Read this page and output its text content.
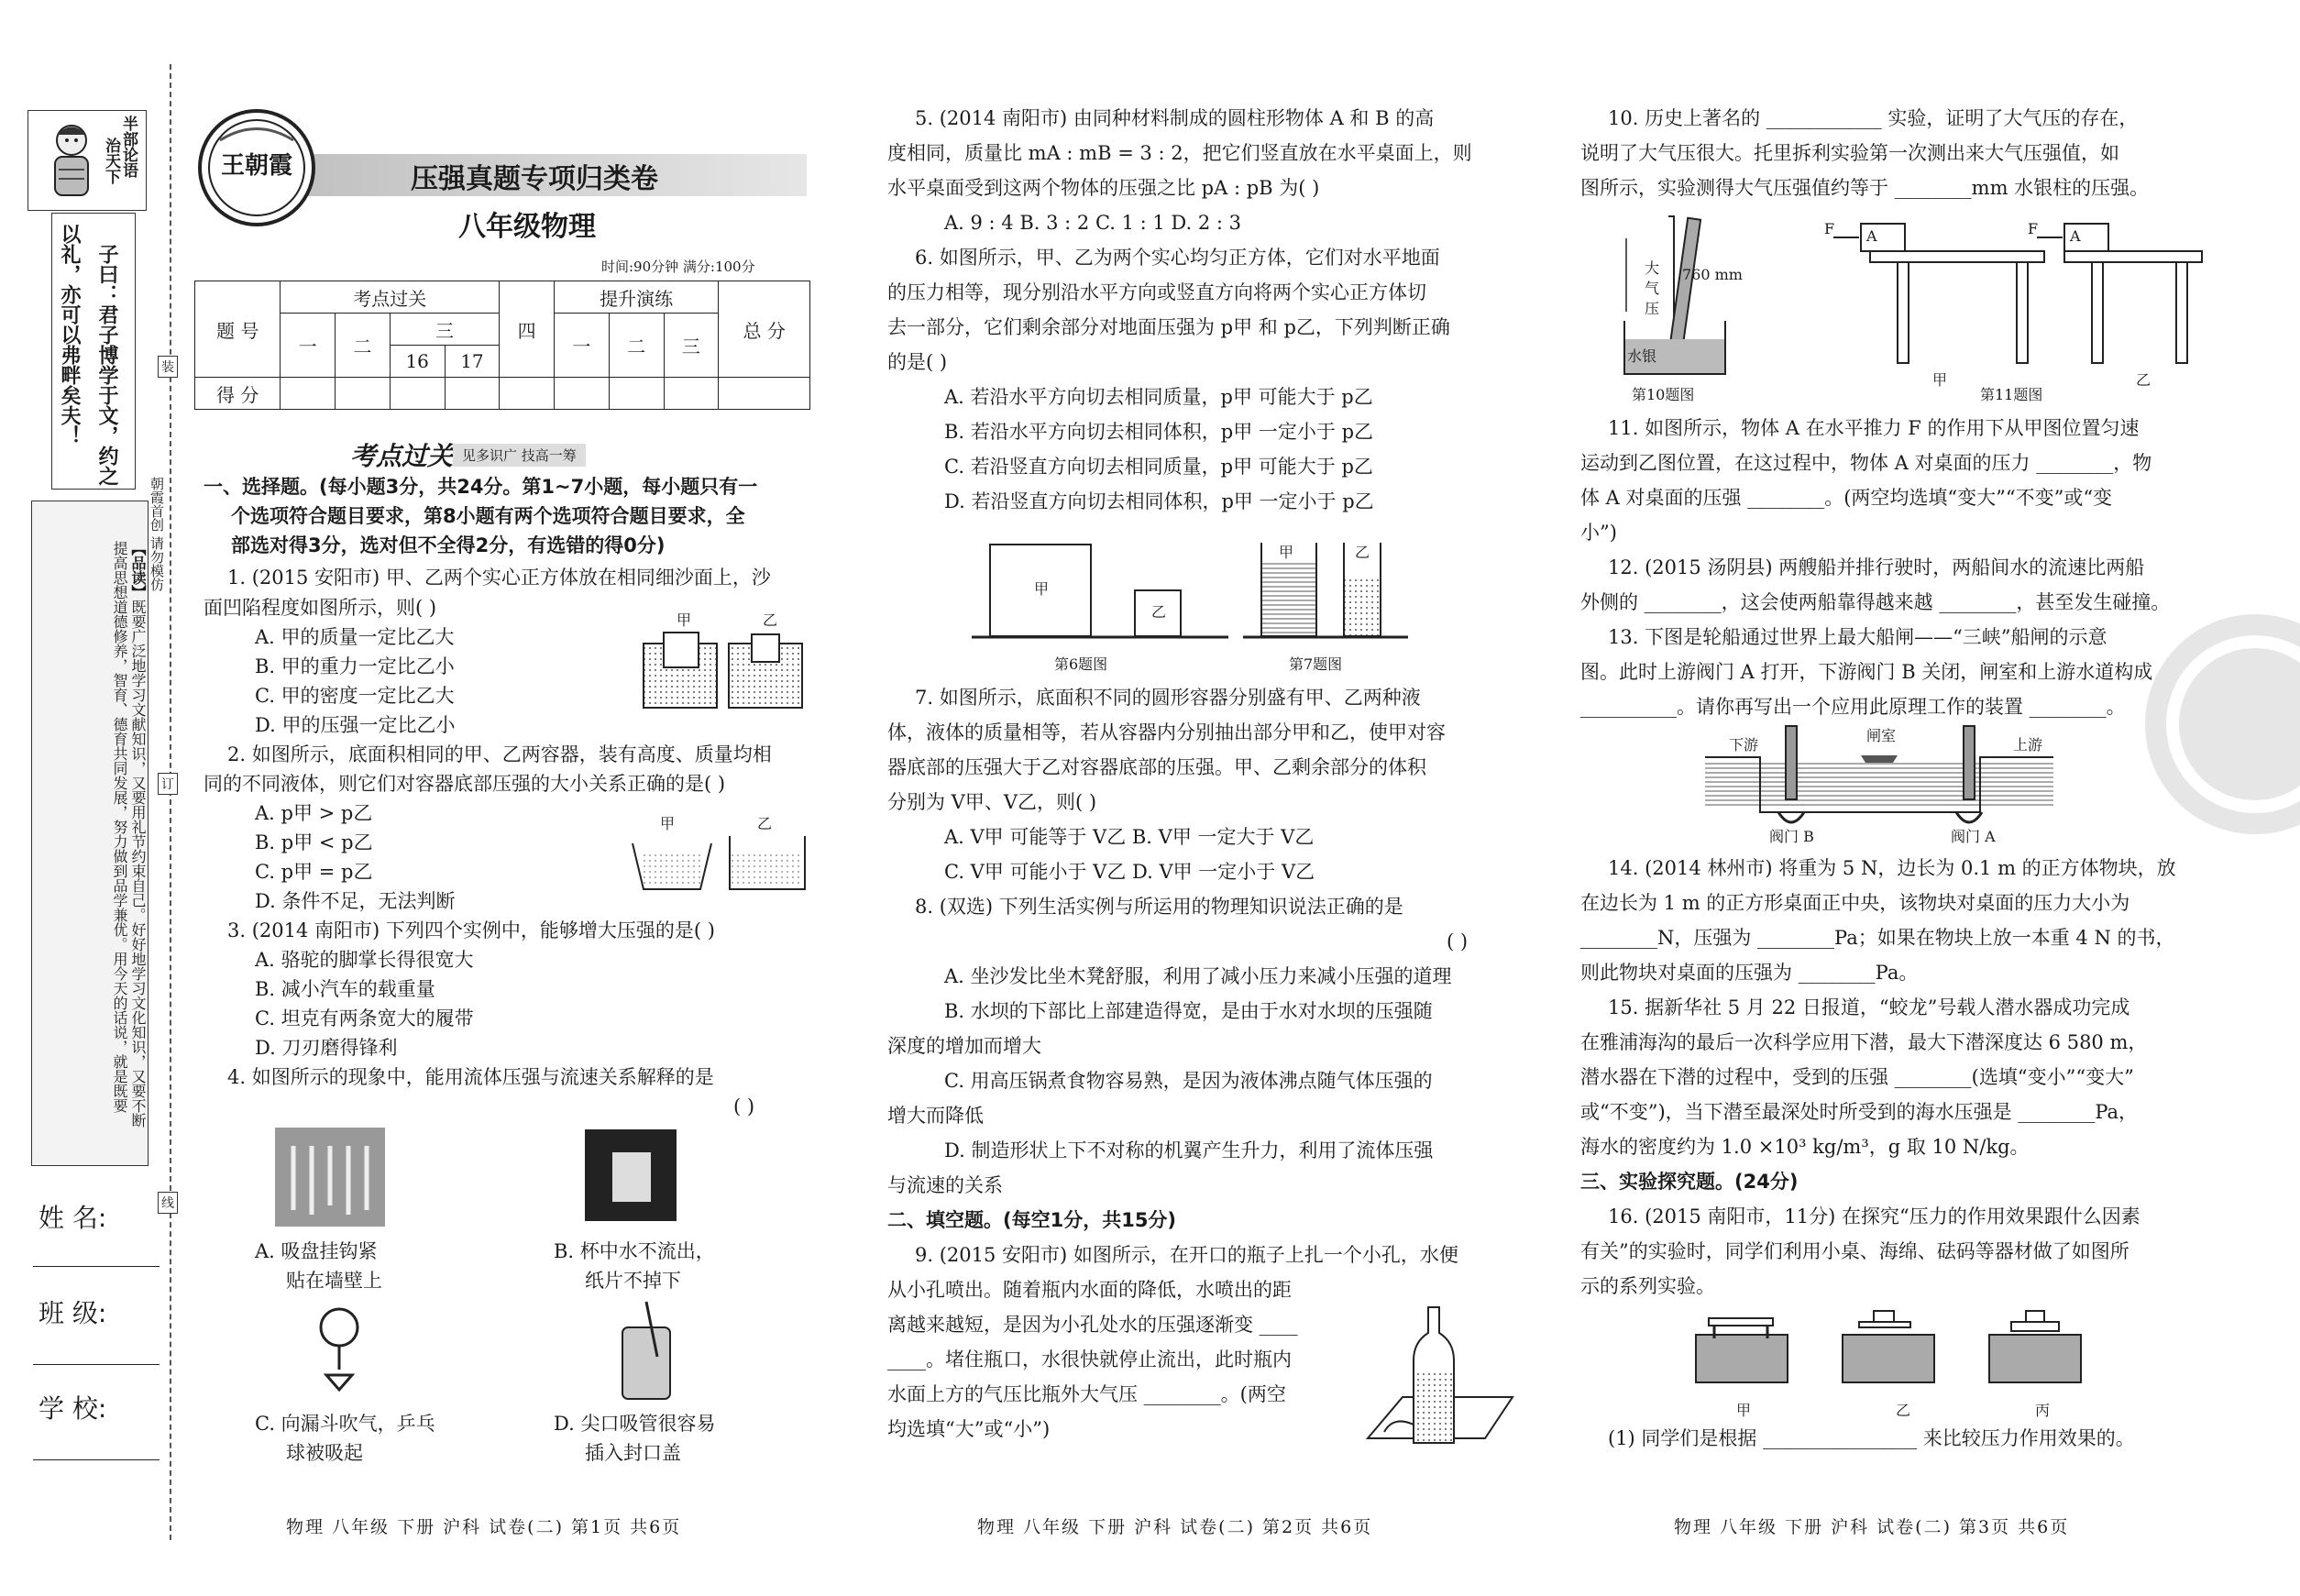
半部论语
治天下
子曰：君子博学于文，约之
以礼，亦可以弗畔矣夫！
【品读】既要广泛地学习文献知识，又要用礼节约束自己。好好地学习文化知识，又要不断提高思想道德修养，智育、德育共同发展，努力做到品学兼优。用今天的话说，就是既要
姓 名:
班 级:
学 校:
装
订
线
朝霞首创 请勿模仿
王朝霞	压强真题专项归类卷
八年级物理
时间:90分钟 满分:100分
题 号	考点过关				四	提升演练			总 分
	一	二	三			一	二	三	
			16	17					
得 分									
考点过关 见多识广 技高一筹
一、选择题。(每小题3分，共24分。第1~7小题，每小题只有一
个选项符合题目要求，第8小题有两个选项符合题目要求，全
部选对得3分，选对但不全得2分，有选错的得0分)
1. (2015 安阳市) 甲、乙两个实心正方体放在相同细沙面上，沙
面凹陷程度如图所示，则( )
A. 甲的质量一定比乙大
B. 甲的重力一定比乙小
C. 甲的密度一定比乙大
D. 甲的压强一定比乙小
甲	乙
2. 如图所示，底面积相同的甲、乙两容器，装有高度、质量均相
同的不同液体，则它们对容器底部压强的大小关系正确的是( )
A. p甲 > p乙
B. p甲 < p乙
C. p甲 = p乙
D. 条件不足，无法判断
甲	乙
3. (2014 南阳市) 下列四个实例中，能够增大压强的是( )
A. 骆驼的脚掌长得很宽大
B. 减小汽车的载重量
C. 坦克有两条宽大的履带
D. 刀刃磨得锋利
4. 如图所示的现象中，能用流体压强与流速关系解释的是
( )
A. 吸盘挂钩紧
贴在墙壁上
B. 杯中水不流出，
纸片不掉下
C. 向漏斗吹气，乒乓
球被吸起
D. 尖口吸管很容易
插入封口盖
物理 八年级 下册 沪科 试卷(二) 第1页 共6页
5. (2014 南阳市) 由同种材料制成的圆柱形物体 A 和 B 的高
度相同，质量比 mA : mB = 3 : 2，把它们竖直放在水平桌面上，则
水平桌面受到这两个物体的压强之比 pA : pB 为( )
A. 9 : 4 B. 3 : 2 C. 1 : 1 D. 2 : 3
6. 如图所示，甲、乙为两个实心均匀正方体，它们对水平地面
的压力相等，现分别沿水平方向或竖直方向将两个实心正方体切
去一部分，它们剩余部分对地面压强为 p甲 和 p乙，下列判断正确
的是( )
A. 若沿水平方向切去相同质量，p甲 可能大于 p乙
B. 若沿水平方向切去相同体积，p甲 一定小于 p乙
C. 若沿竖直方向切去相同质量，p甲 可能大于 p乙
D. 若沿竖直方向切去相同体积，p甲 一定小于 p乙
甲
乙
第6题图
甲	乙
第7题图
7. 如图所示，底面积不同的圆形容器分别盛有甲、乙两种液
体，液体的质量相等，若从容器内分别抽出部分甲和乙，使甲对容
器底部的压强大于乙对容器底部的压强。甲、乙剩余部分的体积
分别为 V甲、V乙，则( )
A. V甲 可能等于 V乙 B. V甲 一定大于 V乙
C. V甲 可能小于 V乙 D. V甲 一定小于 V乙
8. (双选) 下列生活实例与所运用的物理知识说法正确的是
( )
A. 坐沙发比坐木凳舒服，利用了减小压力来减小压强的道理
B. 水坝的下部比上部建造得宽，是由于水对水坝的压强随
深度的增加而增大
C. 用高压锅煮食物容易熟，是因为液体沸点随气体压强的
增大而降低
D. 制造形状上下不对称的机翼产生升力，利用了流体压强
与流速的关系
二、填空题。(每空1分，共15分)
9. (2015 安阳市) 如图所示，在开口的瓶子上扎一个小孔，水便
从小孔喷出。随着瓶内水面的降低，水喷出的距
离越来越短，是因为小孔处水的压强逐渐变 ____
____。堵住瓶口，水很快就停止流出，此时瓶内
水面上方的气压比瓶外大气压 ________。(两空
均选填“大”或“小”)
物理 八年级 下册 沪科 试卷(二) 第2页 共6页
10. 历史上著名的 ____________ 实验，证明了大气压的存在，
说明了大气压很大。托里拆利实验第一次测出来大气压强值，如
图所示，实验测得大气压强值约等于 ________mm 水银柱的压强。
760 mm
大
气
压
水银
第10题图
F A	F A
甲	乙
第11题图
11. 如图所示，物体 A 在水平推力 F 的作用下从甲图位置匀速
运动到乙图位置，在这过程中，物体 A 对桌面的压力 ________，物
体 A 对桌面的压强 ________。(两空均选填“变大”“不变”或“变
小”)
12. (2015 汤阴县) 两艘船并排行驶时，两船间水的流速比两船
外侧的 ________，这会使两船靠得越来越 ________，甚至发生碰撞。
13. 下图是轮船通过世界上最大船闸——“三峡”船闸的示意
图。此时上游阀门 A 打开，下游阀门 B 关闭，闸室和上游水道构成
__________。请你再写出一个应用此原理工作的装置 ________。
下游
闸室
上游
阀门 B	阀门 A
14. (2014 林州市) 将重为 5 N，边长为 0.1 m 的正方体物块，放
在边长为 1 m 的正方形桌面正中央，该物块对桌面的压力大小为
________N，压强为 ________Pa；如果在物块上放一本重 4 N 的书，
则此物块对桌面的压强为 ________Pa。
15. 据新华社 5 月 22 日报道，“蛟龙”号载人潜水器成功完成
在雅浦海沟的最后一次科学应用下潜，最大下潜深度达 6 580 m，
潜水器在下潜的过程中，受到的压强 ________(选填“变小”“变大”
或“不变”)，当下潜至最深处时所受到的海水压强是 ________Pa，
海水的密度约为 1.0 ×10³ kg/m³，g 取 10 N/kg。
三、实验探究题。(24分)
16. (2015 南阳市，11分) 在探究“压力的作用效果跟什么因素
有关”的实验时，同学们利用小桌、海绵、砝码等器材做了如图所
示的系列实验。
甲	乙	丙
(1) 同学们是根据 ________________ 来比较压力作用效果的。
物理 八年级 下册 沪科 试卷(二) 第3页 共6页
